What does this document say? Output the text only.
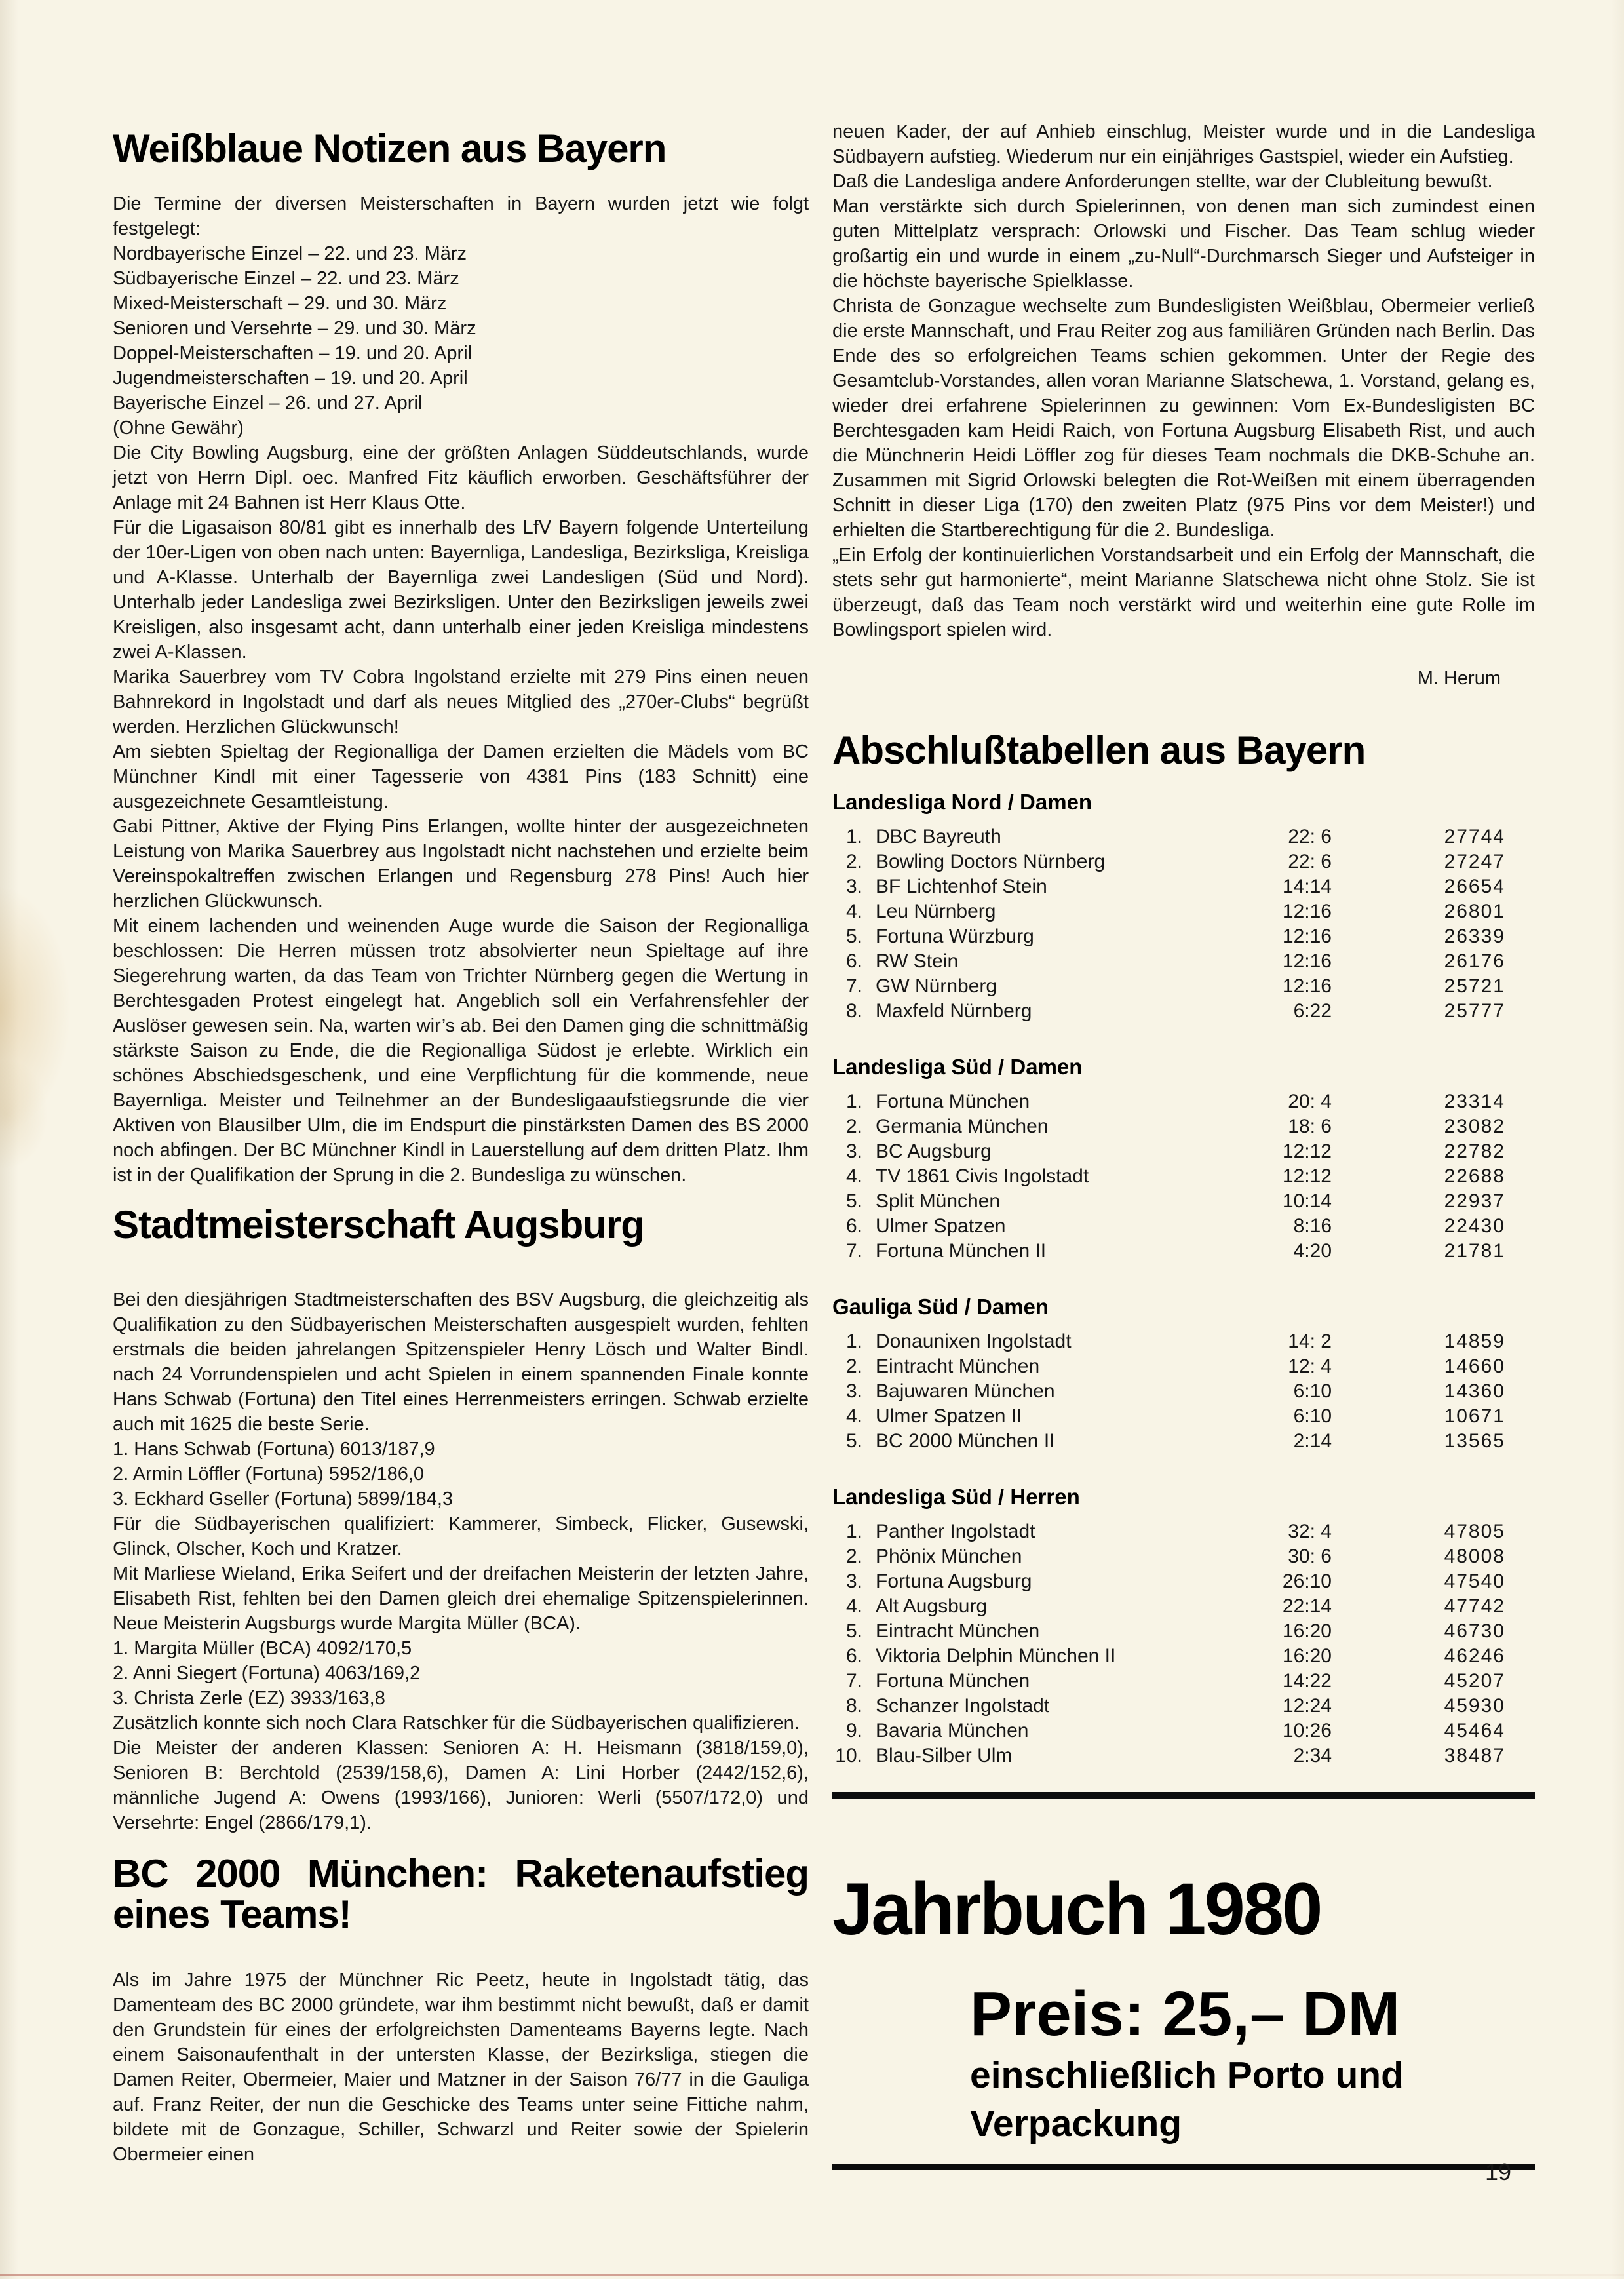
Weißblaue Notizen aus Bayern

Die Termine der diversen Meisterschaften in Bayern wurden jetzt wie folgt festgelegt:

Nordbayerische Einzel – 22. und 23. März
Südbayerische Einzel – 22. und 23. März
Mixed-Meisterschaft – 29. und 30. März
Senioren und Versehrte – 29. und 30. März
Doppel-Meisterschaften – 19. und 20. April
Jugendmeisterschaften – 19. und 20. April
Bayerische Einzel – 26. und 27. April
(Ohne Gewähr)

Die City Bowling Augsburg, eine der größten Anlagen Süddeutschlands, wurde jetzt von Herrn Dipl. oec. Manfred Fitz käuflich erworben. Geschäftsführer der Anlage mit 24 Bahnen ist Herr Klaus Otte.

Für die Ligasaison 80/81 gibt es innerhalb des LfV Bayern folgende Unterteilung der 10er-Ligen von oben nach unten: Bayernliga, Landesliga, Bezirksliga, Kreisliga und A-Klasse. Unterhalb der Bayernliga zwei Landesligen (Süd und Nord). Unterhalb jeder Landesliga zwei Bezirksligen. Unter den Bezirksligen jeweils zwei Kreisligen, also insgesamt acht, dann unterhalb einer jeden Kreisliga mindestens zwei A-Klassen.

Marika Sauerbrey vom TV Cobra Ingolstand erzielte mit 279 Pins einen neuen Bahnrekord in Ingolstadt und darf als neues Mitglied des „270er-Clubs“ begrüßt werden. Herzlichen Glückwunsch!

Am siebten Spieltag der Regionalliga der Damen erzielten die Mädels vom BC Münchner Kindl mit einer Tagesserie von 4381 Pins (183 Schnitt) eine ausgezeichnete Gesamtleistung.

Gabi Pittner, Aktive der Flying Pins Erlangen, wollte hinter der ausgezeichneten Leistung von Marika Sauerbrey aus Ingolstadt nicht nachstehen und erzielte beim Vereinspokaltreffen zwischen Erlangen und Regensburg 278 Pins! Auch hier herzlichen Glückwunsch.

Mit einem lachenden und weinenden Auge wurde die Saison der Regionalliga beschlossen: Die Herren müssen trotz absolvierter neun Spieltage auf ihre Siegerehrung warten, da das Team von Trichter Nürnberg gegen die Wertung in Berchtesgaden Protest eingelegt hat. Angeblich soll ein Verfahrensfehler der Auslöser gewesen sein. Na, warten wir’s ab. Bei den Damen ging die schnittmäßig stärkste Saison zu Ende, die die Regionalliga Südost je erlebte. Wirklich ein schönes Abschiedsgeschenk, und eine Verpflichtung für die kommende, neue Bayernliga. Meister und Teilnehmer an der Bundesligaaufstiegsrunde die vier Aktiven von Blausilber Ulm, die im Endspurt die pinstärksten Damen des BS 2000 noch abfingen. Der BC Münchner Kindl in Lauerstellung auf dem dritten Platz. Ihm ist in der Qualifikation der Sprung in die 2. Bundesliga zu wünschen.

Stadtmeisterschaft Augsburg

Bei den diesjährigen Stadtmeisterschaften des BSV Augsburg, die gleichzeitig als Qualifikation zu den Südbayerischen Meisterschaften ausgespielt wurden, fehlten erstmals die beiden jahrelangen Spitzenspieler Henry Lösch und Walter Bindl. nach 24 Vorrundenspielen und acht Spielen in einem spannenden Finale konnte Hans Schwab (Fortuna) den Titel eines Herrenmeisters erringen. Schwab erzielte auch mit 1625 die beste Serie.

1. Hans Schwab (Fortuna) 6013/187,9
2. Armin Löffler (Fortuna) 5952/186,0
3. Eckhard Gseller (Fortuna) 5899/184,3

Für die Südbayerischen qualifiziert: Kammerer, Simbeck, Flicker, Gusewski, Glinck, Olscher, Koch und Kratzer.

Mit Marliese Wieland, Erika Seifert und der dreifachen Meisterin der letzten Jahre, Elisabeth Rist, fehlten bei den Damen gleich drei ehemalige Spitzenspielerinnen. Neue Meisterin Augsburgs wurde Margita Müller (BCA).

1. Margita Müller (BCA) 4092/170,5
2. Anni Siegert (Fortuna) 4063/169,2
3. Christa Zerle (EZ) 3933/163,8

Zusätzlich konnte sich noch Clara Ratschker für die Südbayerischen qualifizieren.

Die Meister der anderen Klassen: Senioren A: H. Heismann (3818/159,0), Senioren B: Berchtold (2539/158,6), Damen A: Lini Horber (2442/152,6), männliche Jugend A: Owens (1993/166), Junioren: Werli (5507/172,0) und Versehrte: Engel (2866/179,1).

BC 2000 München: Raketenaufstieg
eines Teams!

Als im Jahre 1975 der Münchner Ric Peetz, heute in Ingolstadt tätig, das Damenteam des BC 2000 gründete, war ihm bestimmt nicht bewußt, daß er damit den Grundstein für eines der erfolgreichsten Damenteams Bayerns legte. Nach einem Saisonaufenthalt in der untersten Klasse, der Bezirksliga, stiegen die Damen Reiter, Obermeier, Maier und Matzner in der Saison 76/77 in die Gauliga auf. Franz Reiter, der nun die Geschicke des Teams unter seine Fittiche nahm, bildete mit de Gonzague, Schiller, Schwarzl und Reiter sowie der Spielerin Obermeier einen

neuen Kader, der auf Anhieb einschlug, Meister wurde und in die Landesliga Südbayern aufstieg. Wiederum nur ein einjähriges Gastspiel, wieder ein Aufstieg.

Daß die Landesliga andere Anforderungen stellte, war der Clubleitung bewußt.

Man verstärkte sich durch Spielerinnen, von denen man sich zumindest einen guten Mittelplatz versprach: Orlowski und Fischer. Das Team schlug wieder großartig ein und wurde in einem „zu-Null“-Durchmarsch Sieger und Aufsteiger in die höchste bayerische Spielklasse.

Christa de Gonzague wechselte zum Bundesligisten Weißblau, Obermeier verließ die erste Mannschaft, und Frau Reiter zog aus familiären Gründen nach Berlin. Das Ende des so erfolgreichen Teams schien gekommen. Unter der Regie des Gesamtclub-Vorstandes, allen voran Marianne Slatschewa, 1. Vorstand, gelang es, wieder drei erfahrene Spielerinnen zu gewinnen: Vom Ex-Bundesligisten BC Berchtesgaden kam Heidi Raich, von Fortuna Augsburg Elisabeth Rist, und auch die Münchnerin Heidi Löffler zog für dieses Team nochmals die DKB-Schuhe an. Zusammen mit Sigrid Orlowski belegten die Rot-Weißen mit einem überragenden Schnitt in dieser Liga (170) den zweiten Platz (975 Pins vor dem Meister!) und erhielten die Startberechtigung für die 2. Bundesliga.

„Ein Erfolg der kontinuierlichen Vorstandsarbeit und ein Erfolg der Mannschaft, die stets sehr gut harmonierte“, meint Marianne Slatschewa nicht ohne Stolz. Sie ist überzeugt, daß das Team noch verstärkt wird und weiterhin eine gute Rolle im Bowlingsport spielen wird.

M. Herum
Abschlußtabellen aus Bayern
Landesliga Nord / Damen
1. DBC Bayreuth	22: 6	27744
2. Bowling Doctors Nürnberg	22: 6	27247
3. BF Lichtenhof Stein	14:14	26654
4. Leu Nürnberg	12:16	26801
5. Fortuna Würzburg	12:16	26339
6. RW Stein	12:16	26176
7. GW Nürnberg	12:16	25721
8. Maxfeld Nürnberg	6:22	25777
Landesliga Süd / Damen
1. Fortuna München	20: 4	23314
2. Germania München	18: 6	23082
3. BC Augsburg	12:12	22782
4. TV 1861 Civis Ingolstadt	12:12	22688
5. Split München	10:14	22937
6. Ulmer Spatzen	8:16	22430
7. Fortuna München II	4:20	21781
Gauliga Süd / Damen
1. Donaunixen Ingolstadt	14: 2	14859
2. Eintracht München	12: 4	14660
3. Bajuwaren München	6:10	14360
4. Ulmer Spatzen II	6:10	10671
5. BC 2000 München II	2:14	13565
Landesliga Süd / Herren
1. Panther Ingolstadt	32: 4	47805
2. Phönix München	30: 6	48008
3. Fortuna Augsburg	26:10	47540
4. Alt Augsburg	22:14	47742
5. Eintracht München	16:20	46730
6. Viktoria Delphin München II	16:20	46246
7. Fortuna München	14:22	45207
8. Schanzer Ingolstadt	12:24	45930
9. Bavaria München	10:26	45464
10. Blau-Silber Ulm	2:34	38487
Jahrbuch 1980
Preis: 25,– DM
einschließlich Porto und
Verpackung
19
